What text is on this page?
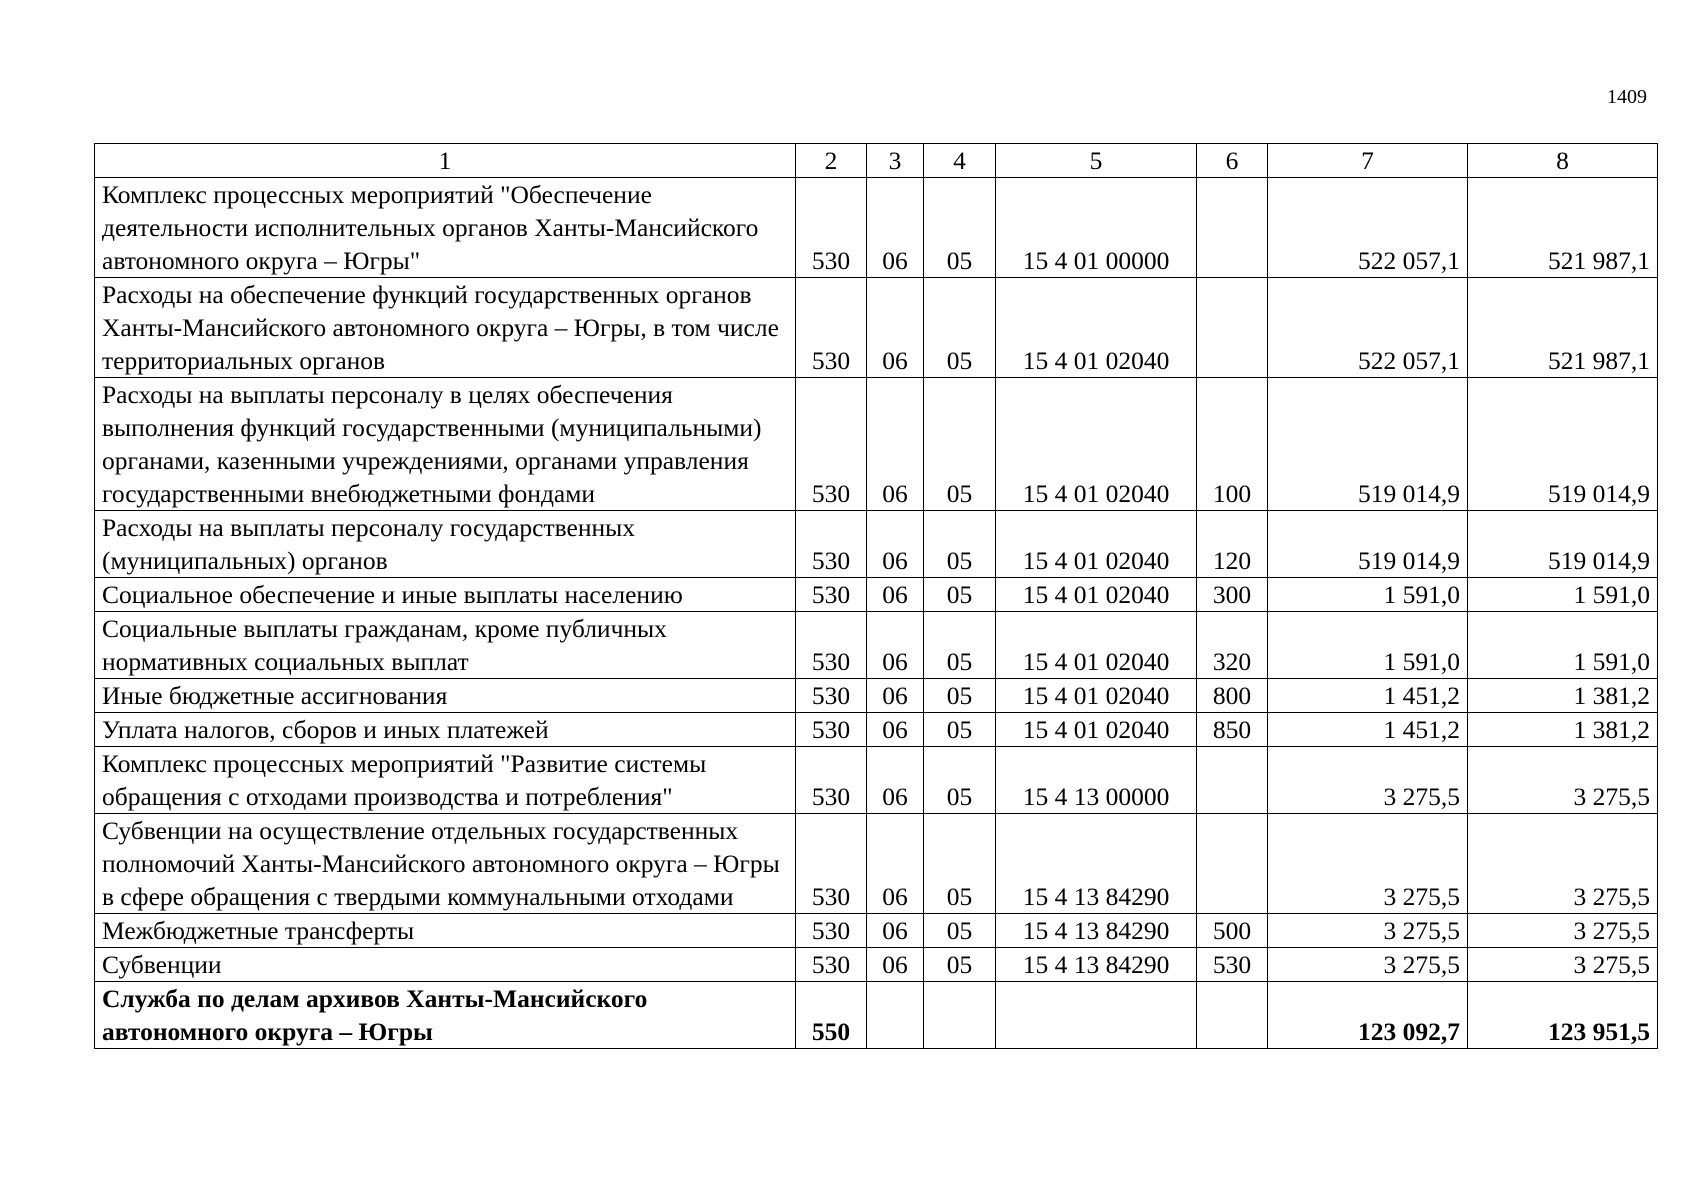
1409
1	2	3	4	5	6	7	8
Комплекс процессных мероприятий "Обеспечение деятельности исполнительных органов Ханты-Мансийского автономного округа – Югры"	530	06	05	15 4 01 00000		522 057,1	521 987,1
Расходы на обеспечение функций государственных органов Ханты-Мансийского автономного округа – Югры, в том числе территориальных органов	530	06	05	15 4 01 02040		522 057,1	521 987,1
Расходы на выплаты персоналу в целях обеспечения выполнения функций государственными (муниципальными) органами, казенными учреждениями, органами управления государственными внебюджетными фондами	530	06	05	15 4 01 02040	100	519 014,9	519 014,9
Расходы на выплаты персоналу государственных (муниципальных) органов	530	06	05	15 4 01 02040	120	519 014,9	519 014,9
Социальное обеспечение и иные выплаты населению	530	06	05	15 4 01 02040	300	1 591,0	1 591,0
Социальные выплаты гражданам, кроме публичных нормативных социальных выплат	530	06	05	15 4 01 02040	320	1 591,0	1 591,0
Иные бюджетные ассигнования	530	06	05	15 4 01 02040	800	1 451,2	1 381,2
Уплата налогов, сборов и иных платежей	530	06	05	15 4 01 02040	850	1 451,2	1 381,2
Комплекс процессных мероприятий "Развитие системы обращения с отходами производства и потребления"	530	06	05	15 4 13 00000		3 275,5	3 275,5
Субвенции на осуществление отдельных государственных полномочий Ханты-Мансийского автономного округа – Югры в сфере обращения с твердыми коммунальными отходами	530	06	05	15 4 13 84290		3 275,5	3 275,5
Межбюджетные трансферты	530	06	05	15 4 13 84290	500	3 275,5	3 275,5
Субвенции	530	06	05	15 4 13 84290	530	3 275,5	3 275,5
Служба по делам архивов Ханты-Мансийского автономного округа – Югры	550					123 092,7	123 951,5
